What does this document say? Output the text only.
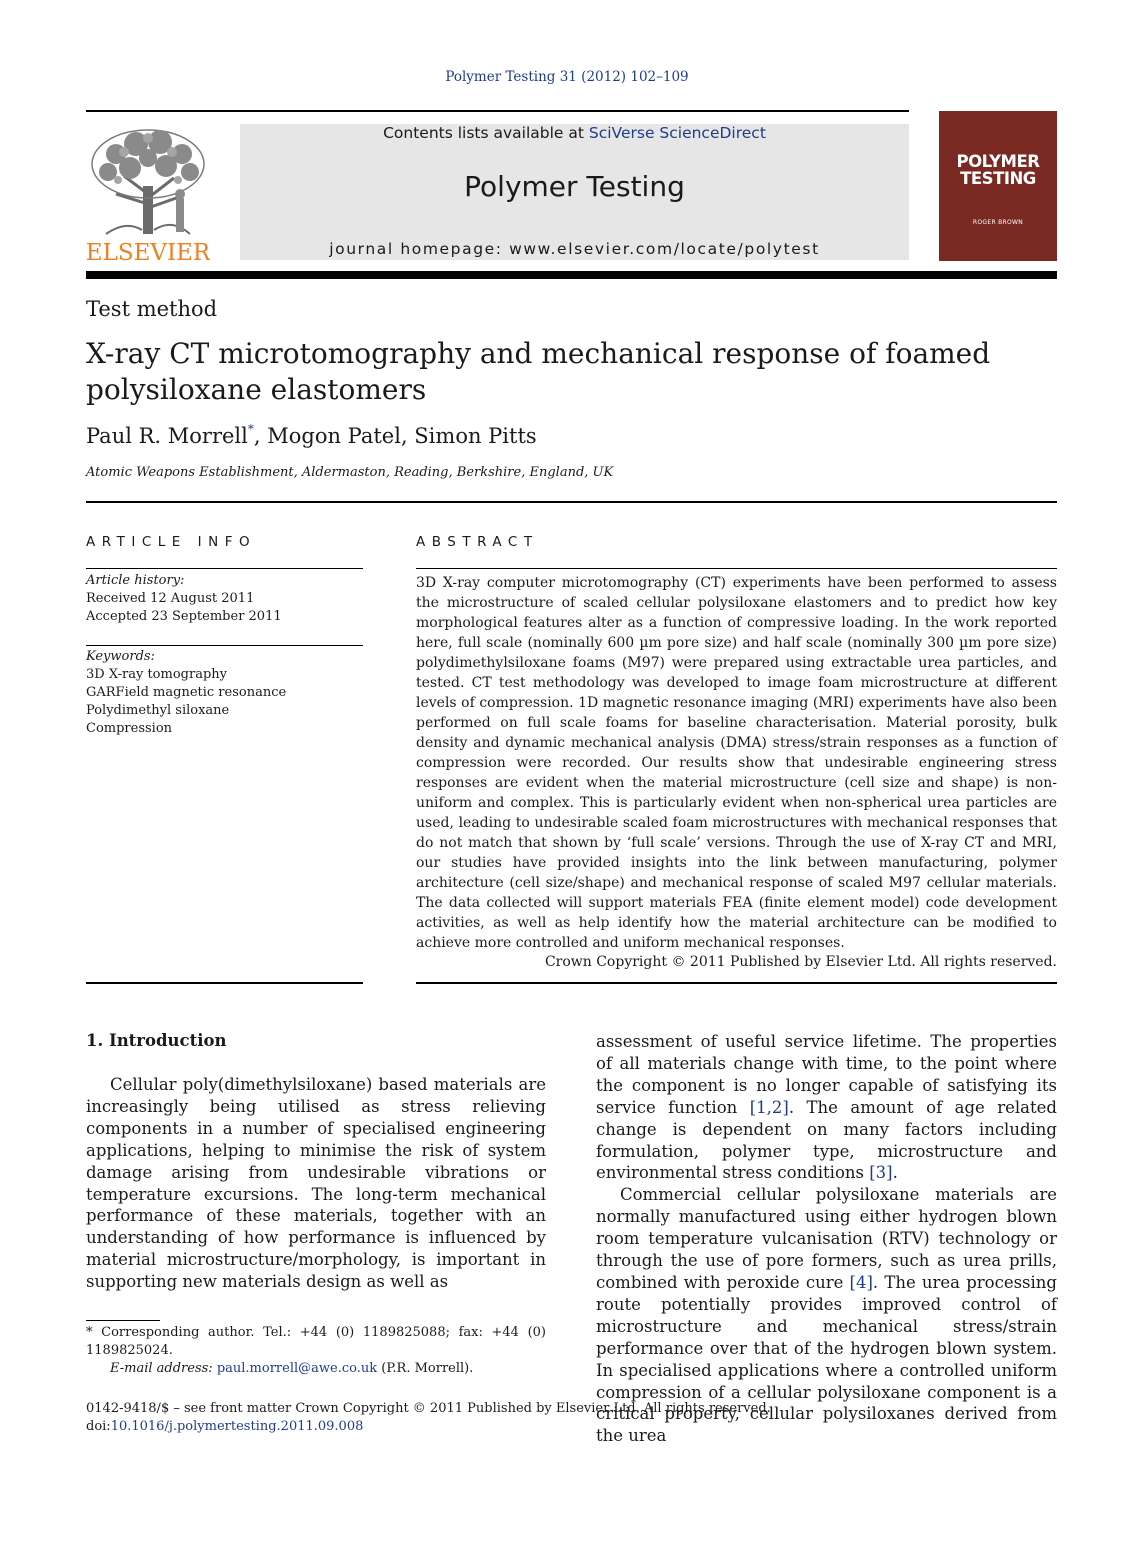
Polymer Testing 31 (2012) 102–109
ELSEVIER
Contents lists available at SciVerse ScienceDirect
Polymer Testing
journal homepage: www.elsevier.com/locate/polytest
POLYMER TESTING
ROGER BROWN
Test method
X-ray CT microtomography and mechanical response of foamed polysiloxane elastomers
Paul R. Morrell*, Mogon Patel, Simon Pitts
Atomic Weapons Establishment, Aldermaston, Reading, Berkshire, England, UK
ARTICLE INFO
Article history:
Received 12 August 2011
Accepted 23 September 2011
Keywords:
3D X-ray tomography
GARField magnetic resonance
Polydimethyl siloxane
Compression
ABSTRACT
3D X-ray computer microtomography (CT) experiments have been performed to assess the microstructure of scaled cellular polysiloxane elastomers and to predict how key morphological features alter as a function of compressive loading. In the work reported here, full scale (nominally 600 µm pore size) and half scale (nominally 300 µm pore size) polydimethylsiloxane foams (M97) were prepared using extractable urea particles, and tested. CT test methodology was developed to image foam microstructure at different levels of compression. 1D magnetic resonance imaging (MRI) experiments have also been performed on full scale foams for baseline characterisation. Material porosity, bulk density and dynamic mechanical analysis (DMA) stress/strain responses as a function of compression were recorded. Our results show that undesirable engineering stress responses are evident when the material microstructure (cell size and shape) is non-uniform and complex. This is particularly evident when non-spherical urea particles are used, leading to undesirable scaled foam microstructures with mechanical responses that do not match that shown by ‘full scale’ versions. Through the use of X-ray CT and MRI, our studies have provided insights into the link between manufacturing, polymer architecture (cell size/shape) and mechanical response of scaled M97 cellular materials. The data collected will support materials FEA (finite element model) code development activities, as well as help identify how the material architecture can be modified to achieve more controlled and uniform mechanical responses.
Crown Copyright © 2011 Published by Elsevier Ltd. All rights reserved.
1. Introduction

Cellular poly(dimethylsiloxane) based materials are increasingly being utilised as stress relieving components in a number of specialised engineering applications, helping to minimise the risk of system damage arising from undesirable vibrations or temperature excursions. The long-term mechanical performance of these materials, together with an understanding of how performance is influenced by material microstructure/morphology, is important in supporting new materials design as well as

assessment of useful service lifetime. The properties of all materials change with time, to the point where the component is no longer capable of satisfying its service function [1,2]. The amount of age related change is dependent on many factors including formulation, polymer type, microstructure and environmental stress conditions [3].

Commercial cellular polysiloxane materials are normally manufactured using either hydrogen blown room temperature vulcanisation (RTV) technology or through the use of pore formers, such as urea prills, combined with peroxide cure [4]. The urea processing route potentially provides improved control of microstructure and mechanical stress/strain performance over that of the hydrogen blown system. In specialised applications where a controlled uniform compression of a cellular polysiloxane component is a critical property, cellular polysiloxanes derived from the urea

* Corresponding author. Tel.: +44 (0) 1189825088; fax: +44 (0) 1189825024.

E-mail address: paul.morrell@awe.co.uk (P.R. Morrell).

0142-9418/$ – see front matter Crown Copyright © 2011 Published by Elsevier Ltd. All rights reserved.

doi:10.1016/j.polymertesting.2011.09.008
